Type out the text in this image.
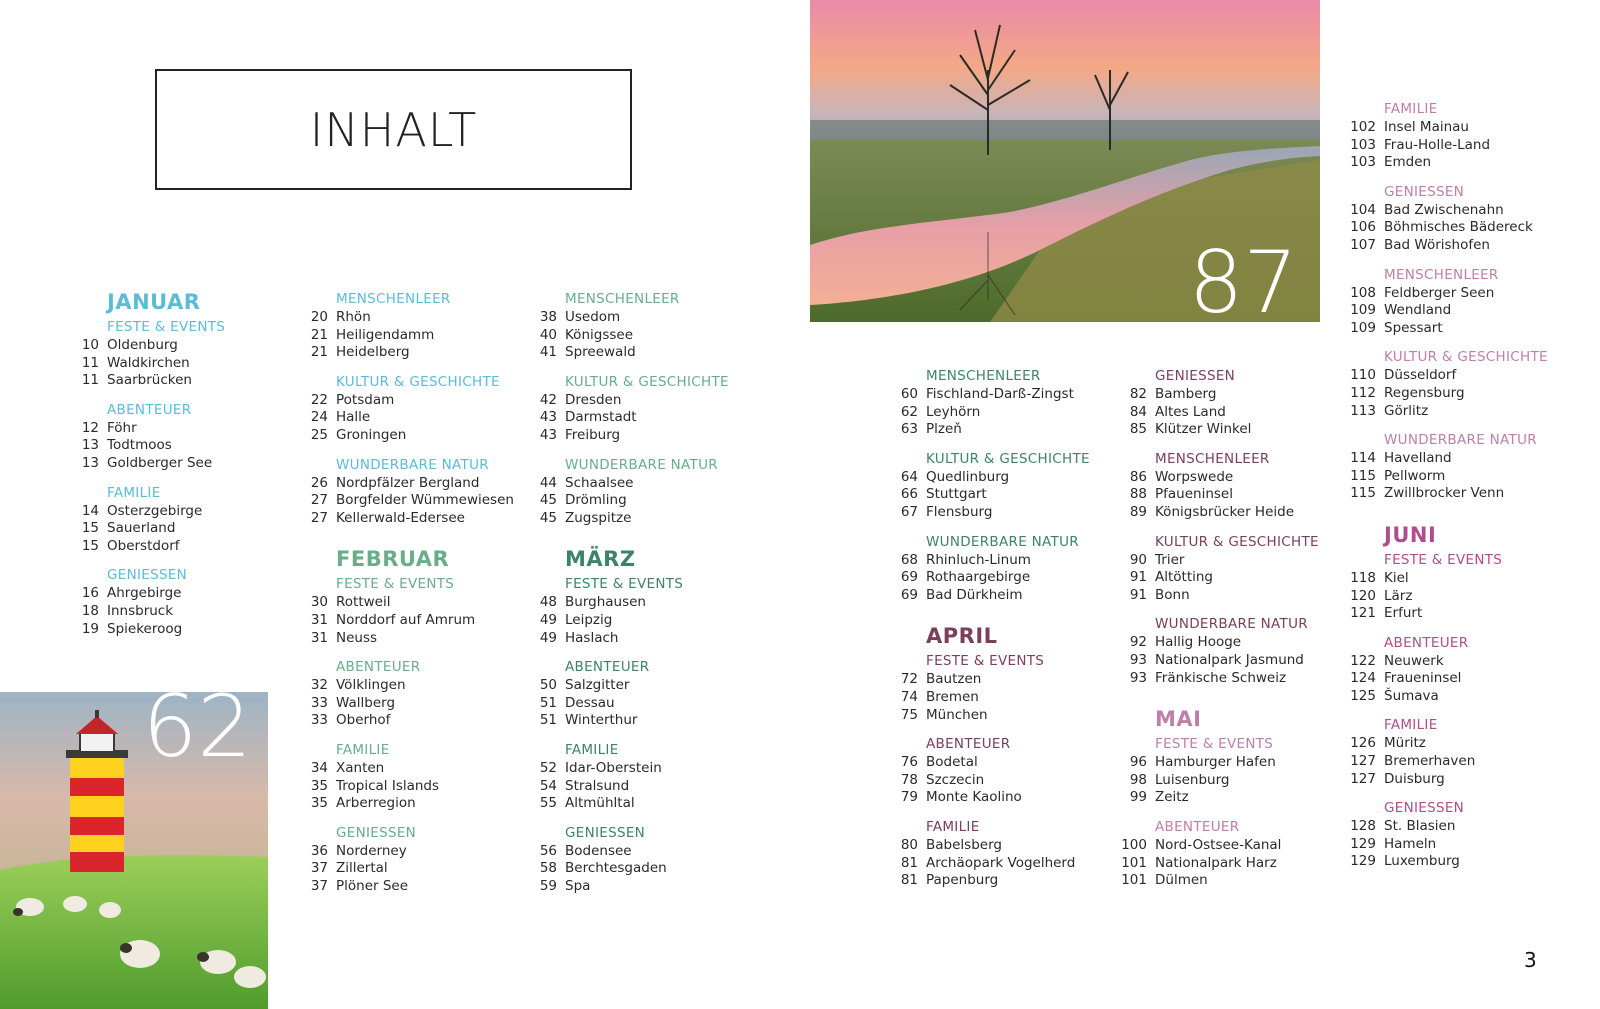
INHALT
87
62
JANUAR
FESTE & EVENTS
10 Oldenburg
11 Waldkirchen
11 Saarbrücken
ABENTEUER
12 Föhr
13 Todtmoos
13 Goldberger See
FAMILIE
14 Osterzgebirge
15 Sauerland
15 Oberstdorf
GENIESSEN
16 Ahrgebirge
18 Innsbruck
19 Spiekeroog
MENSCHENLEER
20 Rhön
21 Heiligendamm
21 Heidelberg
KULTUR & GESCHICHTE
22 Potsdam
24 Halle
25 Groningen
WUNDERBARE NATUR
26 Nordpfälzer Bergland
27 Borgfelder Wümmewiesen
27 Kellerwald-Edersee
FEBRUAR
FESTE & EVENTS
30 Rottweil
31 Norddorf auf Amrum
31 Neuss
ABENTEUER
32 Völklingen
33 Wallberg
33 Oberhof
FAMILIE
34 Xanten
35 Tropical Islands
35 Arberregion
GENIESSEN
36 Norderney
37 Zillertal
37 Plöner See
MENSCHENLEER
38 Usedom
40 Königssee
41 Spreewald
KULTUR & GESCHICHTE
42 Dresden
43 Darmstadt
43 Freiburg
WUNDERBARE NATUR
44 Schaalsee
45 Drömling
45 Zugspitze
MÄRZ
FESTE & EVENTS
48 Burghausen
49 Leipzig
49 Haslach
ABENTEUER
50 Salzgitter
51 Dessau
51 Winterthur
FAMILIE
52 Idar-Oberstein
54 Stralsund
55 Altmühltal
GENIESSEN
56 Bodensee
58 Berchtesgaden
59 Spa
MENSCHENLEER
60 Fischland-Darß-Zingst
62 Leyhörn
63 Plzeň
KULTUR & GESCHICHTE
64 Quedlinburg
66 Stuttgart
67 Flensburg
WUNDERBARE NATUR
68 Rhinluch-Linum
69 Rothaargebirge
69 Bad Dürkheim
APRIL
FESTE & EVENTS
72 Bautzen
74 Bremen
75 München
ABENTEUER
76 Bodetal
78 Szczecin
79 Monte Kaolino
FAMILIE
80 Babelsberg
81 Archäopark Vogelherd
81 Papenburg
GENIESSEN
82 Bamberg
84 Altes Land
85 Klützer Winkel
MENSCHENLEER
86 Worpswede
88 Pfaueninsel
89 Königsbrücker Heide
KULTUR & GESCHICHTE
90 Trier
91 Altötting
91 Bonn
WUNDERBARE NATUR
92 Hallig Hooge
93 Nationalpark Jasmund
93 Fränkische Schweiz
MAI
FESTE & EVENTS
96 Hamburger Hafen
98 Luisenburg
99 Zeitz
ABENTEUER
100 Nord-Ostsee-Kanal
101 Nationalpark Harz
101 Dülmen
FAMILIE
102 Insel Mainau
103 Frau-Holle-Land
103 Emden
GENIESSEN
104 Bad Zwischenahn
106 Böhmisches Bädereck
107 Bad Wörishofen
MENSCHENLEER
108 Feldberger Seen
109 Wendland
109 Spessart
KULTUR & GESCHICHTE
110 Düsseldorf
112 Regensburg
113 Görlitz
WUNDERBARE NATUR
114 Havelland
115 Pellworm
115 Zwillbrocker Venn
JUNI
FESTE & EVENTS
118 Kiel
120 Lärz
121 Erfurt
ABENTEUER
122 Neuwerk
124 Fraueninsel
125 Šumava
FAMILIE
126 Müritz
127 Bremerhaven
127 Duisburg
GENIESSEN
128 St. Blasien
129 Hameln
129 Luxemburg
3
